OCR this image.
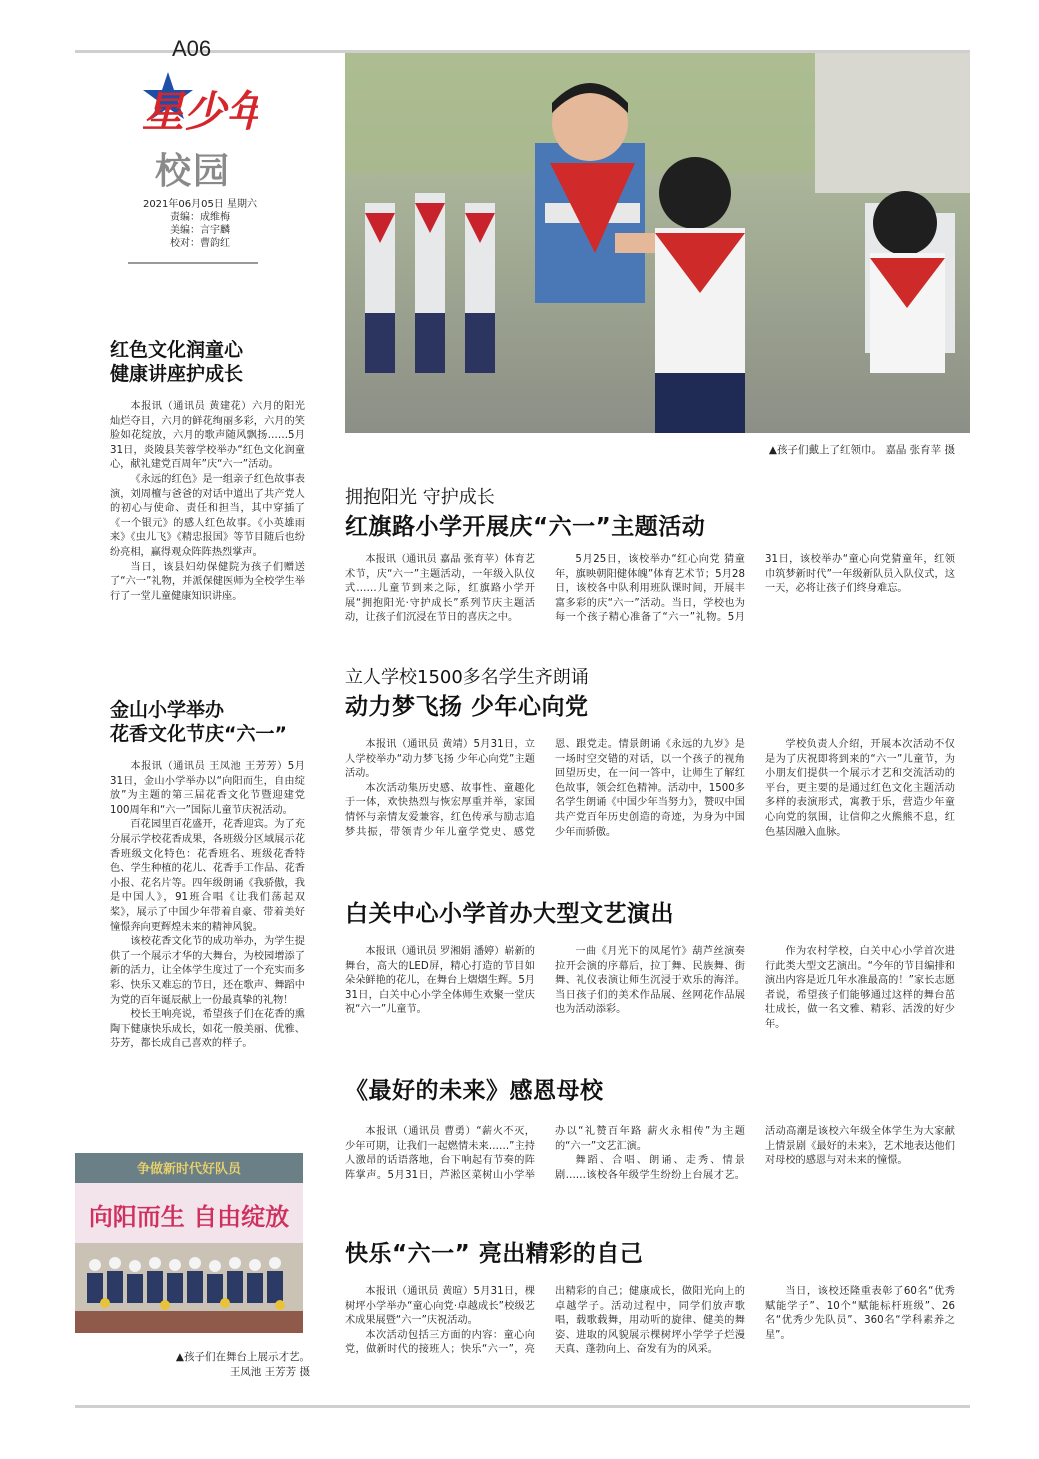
A06
星少年
校园
2021年06月05日 星期六
责编：成维梅
美编：言宇麟
校对：曹韵红
红色文化润童心
健康讲座护成长

本报讯（通讯员 黄建花）六月的阳光灿烂夺目，六月的鲜花绚丽多彩，六月的笑脸如花绽放，六月的歌声随风飘扬……5月31日，炎陵县芙蓉学校举办“红色文化润童心，献礼建党百周年”庆“六一”活动。

《永远的红色》是一组亲子红色故事表演，刘周檀与爸爸的对话中道出了共产党人的初心与使命、责任和担当，其中穿插了《一个银元》的感人红色故事。《小英雄雨来》《虫儿飞》《精忠报国》等节目随后也纷纷亮相，赢得观众阵阵热烈掌声。

当日，该县妇幼保健院为孩子们赠送了“六一”礼物，并派保健医师为全校学生举行了一堂儿童健康知识讲座。

金山小学举办
花香文化节庆“六一”

本报讯（通讯员 王凤池 王芳芳）5月31日，金山小学举办以“向阳而生，自由绽放”为主题的第三届花香文化节暨迎建党100周年和“六一”国际儿童节庆祝活动。

百花园里百花盛开，花香迎宾。为了充分展示学校花香成果，各班级分区域展示花香班级文化特色：花香班名、班级花香特色、学生种植的花儿、花香手工作品、花香小报、花名片等。四年级朗诵《我骄傲，我是中国人》，91班合唱《让我们荡起双桨》，展示了中国少年带着自豪、带着美好憧憬奔向更辉煌未来的精神风貌。

该校花香文化节的成功举办，为学生提供了一个展示才华的大舞台，为校园增添了新的活力，让全体学生度过了一个充实而多彩、快乐又难忘的节日，还在歌声、舞蹈中为党的百年诞辰献上一份最真挚的礼物！

校长王响亮说，希望孩子们在花香的熏陶下健康快乐成长，如花一般美丽、优雅、芬芳，都长成自己喜欢的样子。

争做新时代好队员
向阳而生 自由绽放
▲孩子们在舞台上展示才艺。
王凤池 王芳芳 摄
▲孩子们戴上了红领巾。 嘉晶 张育苹 摄
拥抱阳光 守护成长
红旗路小学开展庆“六一”主题活动

本报讯（通讯员 嘉晶 张育苹）体育艺术节，庆“六一”主题活动，一年级入队仪式……儿童节到来之际，红旗路小学开展“拥抱阳光·守护成长”系列节庆主题活动，让孩子们沉浸在节日的喜庆之中。

5月25日，该校举办“红心向党 猜童年，旗映朝阳健体魄”体育艺术节；5月28日，该校各中队利用班队课时间，开展丰富多彩的庆“六一”活动。当日，学校也为每一个孩子精心准备了“六一”礼物。5月31日，该校举办“童心向党猜童年，红领巾筑梦新时代”一年级新队员入队仪式，这一天，必将让孩子们终身难忘。

立人学校1500多名学生齐朗诵
动力梦飞扬 少年心向党

本报讯（通讯员 黄靖）5月31日，立人学校举办“动力梦飞扬 少年心向党”主题活动。

本次活动集历史感、故事性、童趣化于一体，欢快热烈与恢宏厚重并举，家国情怀与亲情友爱兼容，红色传承与励志追梦共振，带领青少年儿童学党史、感党恩、跟党走。情景朗诵《永远的九岁》是一场时空交错的对话，以一个孩子的视角回望历史，在一问一答中，让师生了解红色故事，领会红色精神。活动中，1500多名学生朗诵《中国少年当努力》，赞叹中国共产党百年历史创造的奇迹，为身为中国少年而骄傲。

学校负责人介绍，开展本次活动不仅是为了庆祝即将到来的“六一”儿童节，为小朋友们提供一个展示才艺和交流活动的平台，更主要的是通过红色文化主题活动多样的表演形式，寓教于乐，营造少年童心向党的氛围，让信仰之火熊熊不息，红色基因融入血脉。

白关中心小学首办大型文艺演出

本报讯（通讯员 罗湘娟 潘婷）崭新的舞台，高大的LED屏，精心打造的节目如朵朵鲜艳的花儿，在舞台上熠熠生辉。5月31日，白关中心小学全体师生欢聚一堂庆祝“六一”儿童节。

一曲《月光下的凤尾竹》葫芦丝演奏拉开会演的序幕后，拉丁舞、民族舞、街舞、礼仪表演让师生沉浸于欢乐的海洋。当日孩子们的美术作品展、丝网花作品展也为活动添彩。

作为农村学校，白关中心小学首次进行此类大型文艺演出。“今年的节目编排和演出内容是近几年水准最高的！”家长志愿者说，希望孩子们能够通过这样的舞台茁壮成长，做一名文雅、精彩、活泼的好少年。

《最好的未来》感恩母校

本报讯（通讯员 曹勇）“薪火不灭，少年可期，让我们一起燃情未来……”主持人激昂的话语落地，台下响起有节奏的阵阵掌声。5月31日，芦淞区菜树山小学举办以“礼赞百年路 薪火永相传”为主题的“六一”文艺汇演。

舞蹈、合唱、朗诵、走秀、情景剧……该校各年级学生纷纷上台展才艺。活动高潮是该校六年级全体学生为大家献上情景剧《最好的未来》，艺术地表达他们对母校的感恩与对未来的憧憬。

快乐“六一” 亮出精彩的自己

本报讯（通讯员 黄暄）5月31日，棵树坪小学举办“童心向党·卓越成长”校级艺术成果展暨“六一”庆祝活动。

本次活动包括三方面的内容：童心向党，做新时代的接班人；快乐“六一”，亮出精彩的自己；健康成长，做阳光向上的卓越学子。活动过程中，同学们放声歌唱，载歌载舞，用动听的旋律、健美的舞姿、进取的风貌展示棵树坪小学学子烂漫天真、蓬勃向上、奋发有为的风采。

当日，该校还隆重表彰了60名“优秀赋能学子”、10个“赋能标杆班级”、26名“优秀少先队员”、360名“学科素养之星”。
